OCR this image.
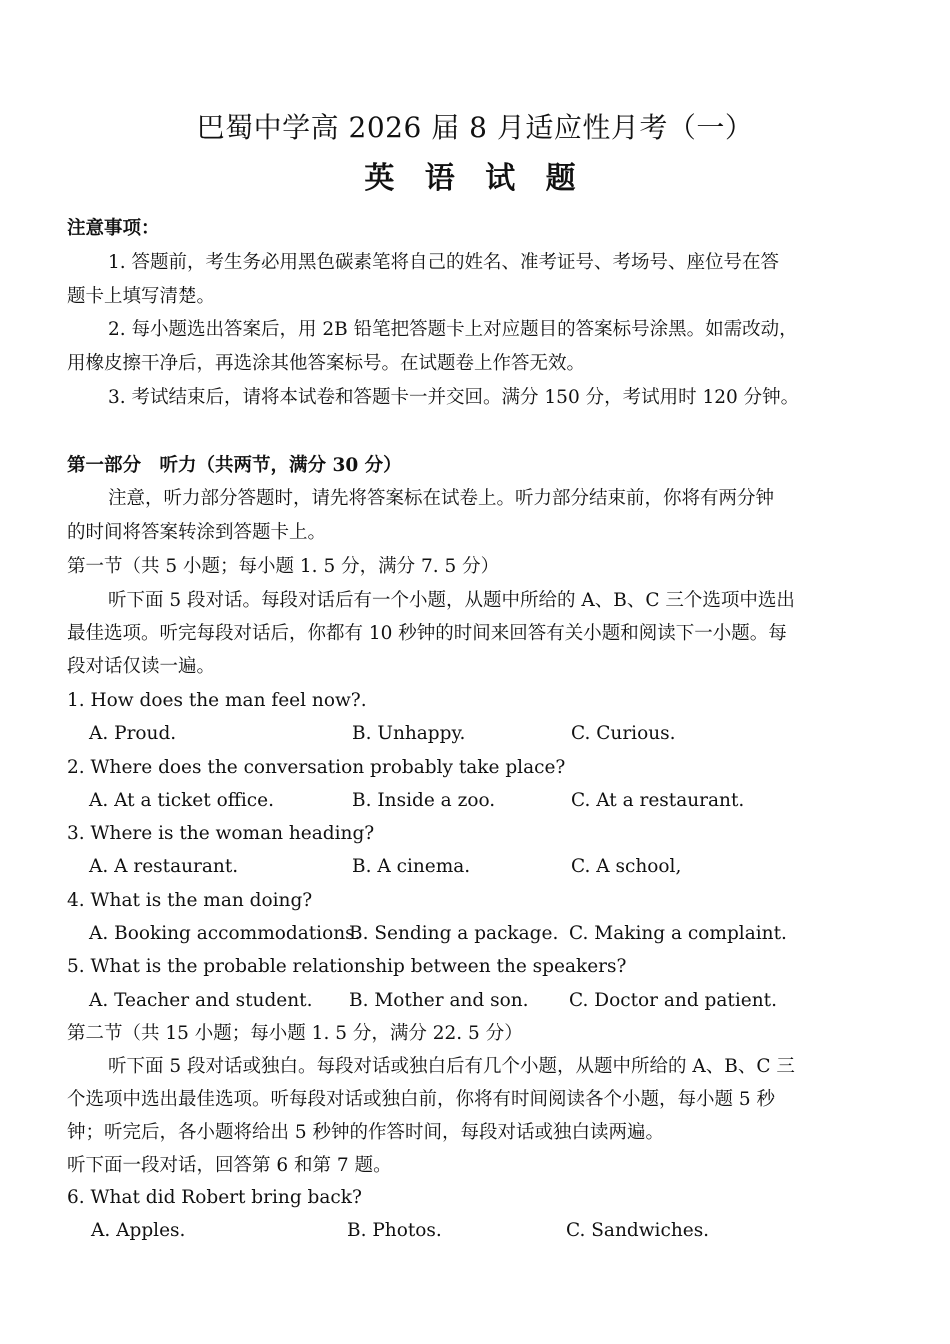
巴蜀中学高 2026 届 8 月适应性月考（一）
英 语 试 题
注意事项：
1. 答题前，考生务必用黑色碳素笔将自己的姓名、准考证号、考场号、座位号在答
题卡上填写清楚。
2. 每小题选出答案后，用 2B 铅笔把答题卡上对应题目的答案标号涂黑。如需改动，
用橡皮擦干净后，再选涂其他答案标号。在试题卷上作答无效。
3. 考试结束后，请将本试卷和答题卡一并交回。满分 150 分，考试用时 120 分钟。
第一部分　听力（共两节，满分 30 分）
注意，听力部分答题时，请先将答案标在试卷上。听力部分结束前，你将有两分钟
的时间将答案转涂到答题卡上。
第一节（共 5 小题；每小题 1. 5 分，满分 7. 5 分）
听下面 5 段对话。每段对话后有一个小题，从题中所给的 A、B、C 三个选项中选出
最佳选项。听完每段对话后，你都有 10 秒钟的时间来回答有关小题和阅读下一小题。每
段对话仅读一遍。
1. How does the man feel now?.
A. Proud.	B. Unhappy.	C. Curious.
2. Where does the conversation probably take place?
A. At a ticket office.	B. Inside a zoo.	C. At a restaurant.
3. Where is the woman heading?
A. A restaurant.	B. A cinema.	C. A school,
4. What is the man doing?
A. Booking accommodations.
B. Sending a package. C. Making a complaint.
5. What is the probable relationship between the speakers?
A. Teacher and student. B. Mother and son. C. Doctor and patient.
第二节（共 15 小题；每小题 1. 5 分，满分 22. 5 分）
听下面 5 段对话或独白。每段对话或独白后有几个小题，从题中所给的 A、B、C 三
个选项中选出最佳选项。听每段对话或独白前，你将有时间阅读各个小题，每小题 5 秒
钟；听完后，各小题将给出 5 秒钟的作答时间，每段对话或独白读两遍。
听下面一段对话，回答第 6 和第 7 题。
6. What did Robert bring back?
A. Apples.	B. Photos.	C. Sandwiches.
